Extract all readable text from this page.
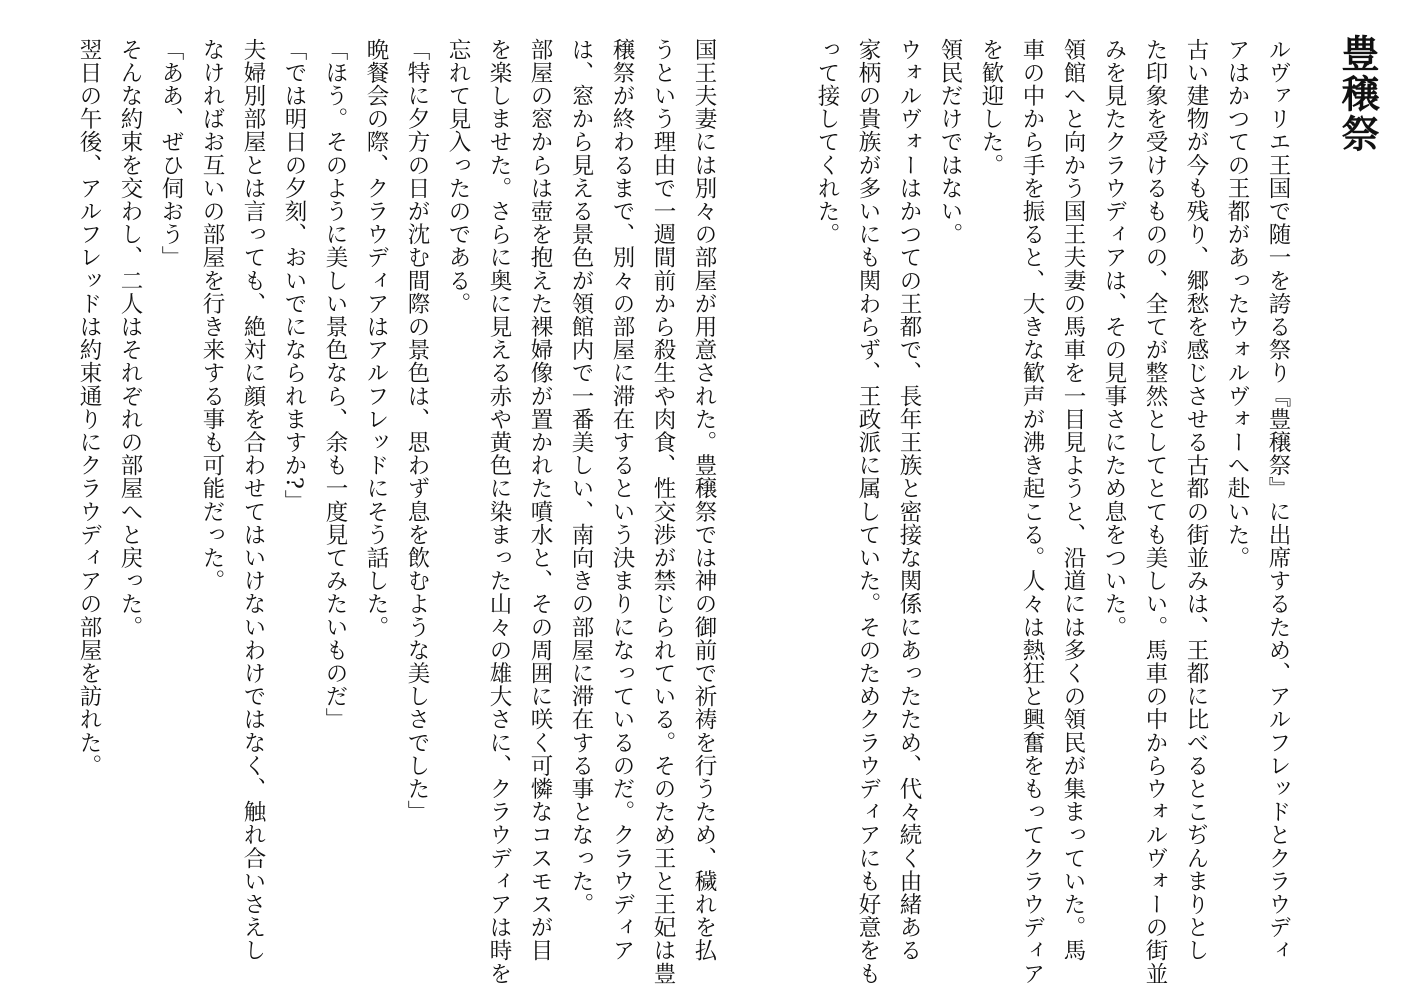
豊穣祭

ルヴァリエ王国で随一を誇る祭り『豊穣祭』に出席するため、アルフレッドとクラウディ

アはかつての王都があったウォルヴォーへ赴いた。

古い建物が今も残り、郷愁を感じさせる古都の街並みは、王都に比べるとこぢんまりとし

た印象を受けるものの、全てが整然としてとても美しい。馬車の中からウォルヴォーの街並

みを見たクラウディアは、その見事さにため息をついた。

領館へと向かう国王夫妻の馬車を一目見ようと、沿道には多くの領民が集まっていた。馬

車の中から手を振ると、大きな歓声が沸き起こる。人々は熱狂と興奮をもってクラウディア

を歓迎した。

領民だけではない。

ウォルヴォーはかつての王都で、長年王族と密接な関係にあったため、代々続く由緒ある

家柄の貴族が多いにも関わらず、王政派に属していた。そのためクラウディアにも好意をも

って接してくれた。

国王夫妻には別々の部屋が用意された。豊穣祭では神の御前で祈祷を行うため、穢れを払

うという理由で一週間前から殺生や肉食、性交渉が禁じられている。そのため王と王妃は豊

穣祭が終わるまで、別々の部屋に滞在するという決まりになっているのだ。クラウディア

は、窓から見える景色が領館内で一番美しい、南向きの部屋に滞在する事となった。

部屋の窓からは壺を抱えた裸婦像が置かれた噴水と、その周囲に咲く可憐なコスモスが目

を楽しませた。さらに奥に見える赤や黄色に染まった山々の雄大さに、クラウディアは時を

忘れて見入ったのである。

「特に夕方の日が沈む間際の景色は、思わず息を飲むような美しさでした」

晩餐会の際、クラウディアはアルフレッドにそう話した。

「ほう。そのように美しい景色なら、余も一度見てみたいものだ」

「では明日の夕刻、おいでになられますか?」

夫婦別部屋とは言っても、絶対に顔を合わせてはいけないわけではなく、触れ合いさえし

なければお互いの部屋を行き来する事も可能だった。

「ああ、ぜひ伺おう」

そんな約束を交わし、二人はそれぞれの部屋へと戻った。

翌日の午後、アルフレッドは約束通りにクラウディアの部屋を訪れた。
